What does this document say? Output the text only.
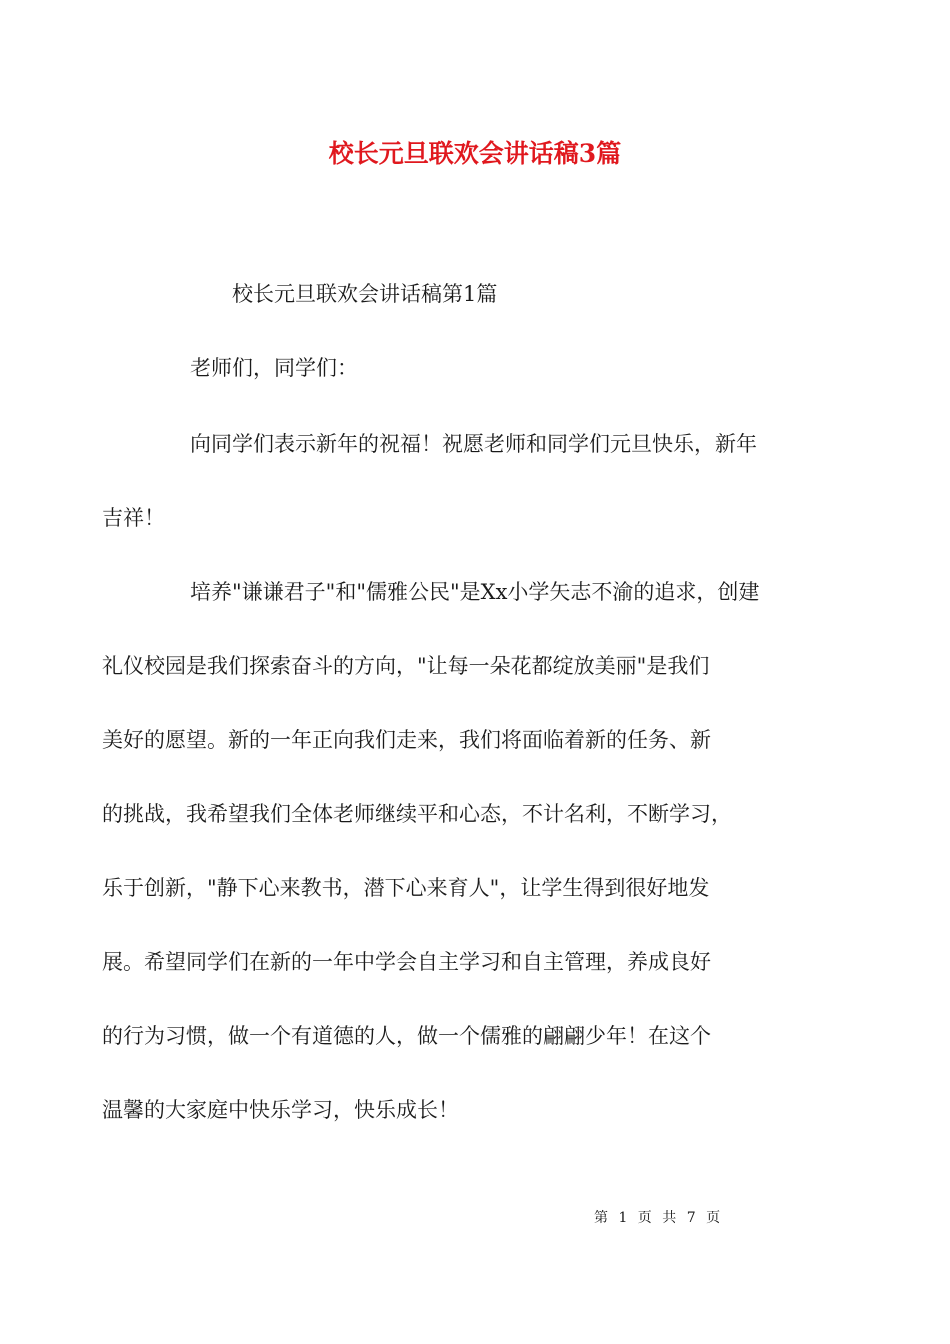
校长元旦联欢会讲话稿3篇

校长元旦联欢会讲话稿第1篇

老师们，同学们：

向同学们表示新年的祝福！祝愿老师和同学们元旦快乐，新年
吉祥！

培养"谦谦君子"和"儒雅公民"是Xx小学矢志不渝的追求，创建
礼仪校园是我们探索奋斗的方向，"让每一朵花都绽放美丽"是我们
美好的愿望。新的一年正向我们走来，我们将面临着新的任务、新
的挑战，我希望我们全体老师继续平和心态，不计名利，不断学习，
乐于创新，"静下心来教书，潜下心来育人"，让学生得到很好地发
展。希望同学们在新的一年中学会自主学习和自主管理，养成良好
的行为习惯，做一个有道德的人，做一个儒雅的翩翩少年！在这个
温馨的大家庭中快乐学习，快乐成长！

第 1 页 共 7 页
